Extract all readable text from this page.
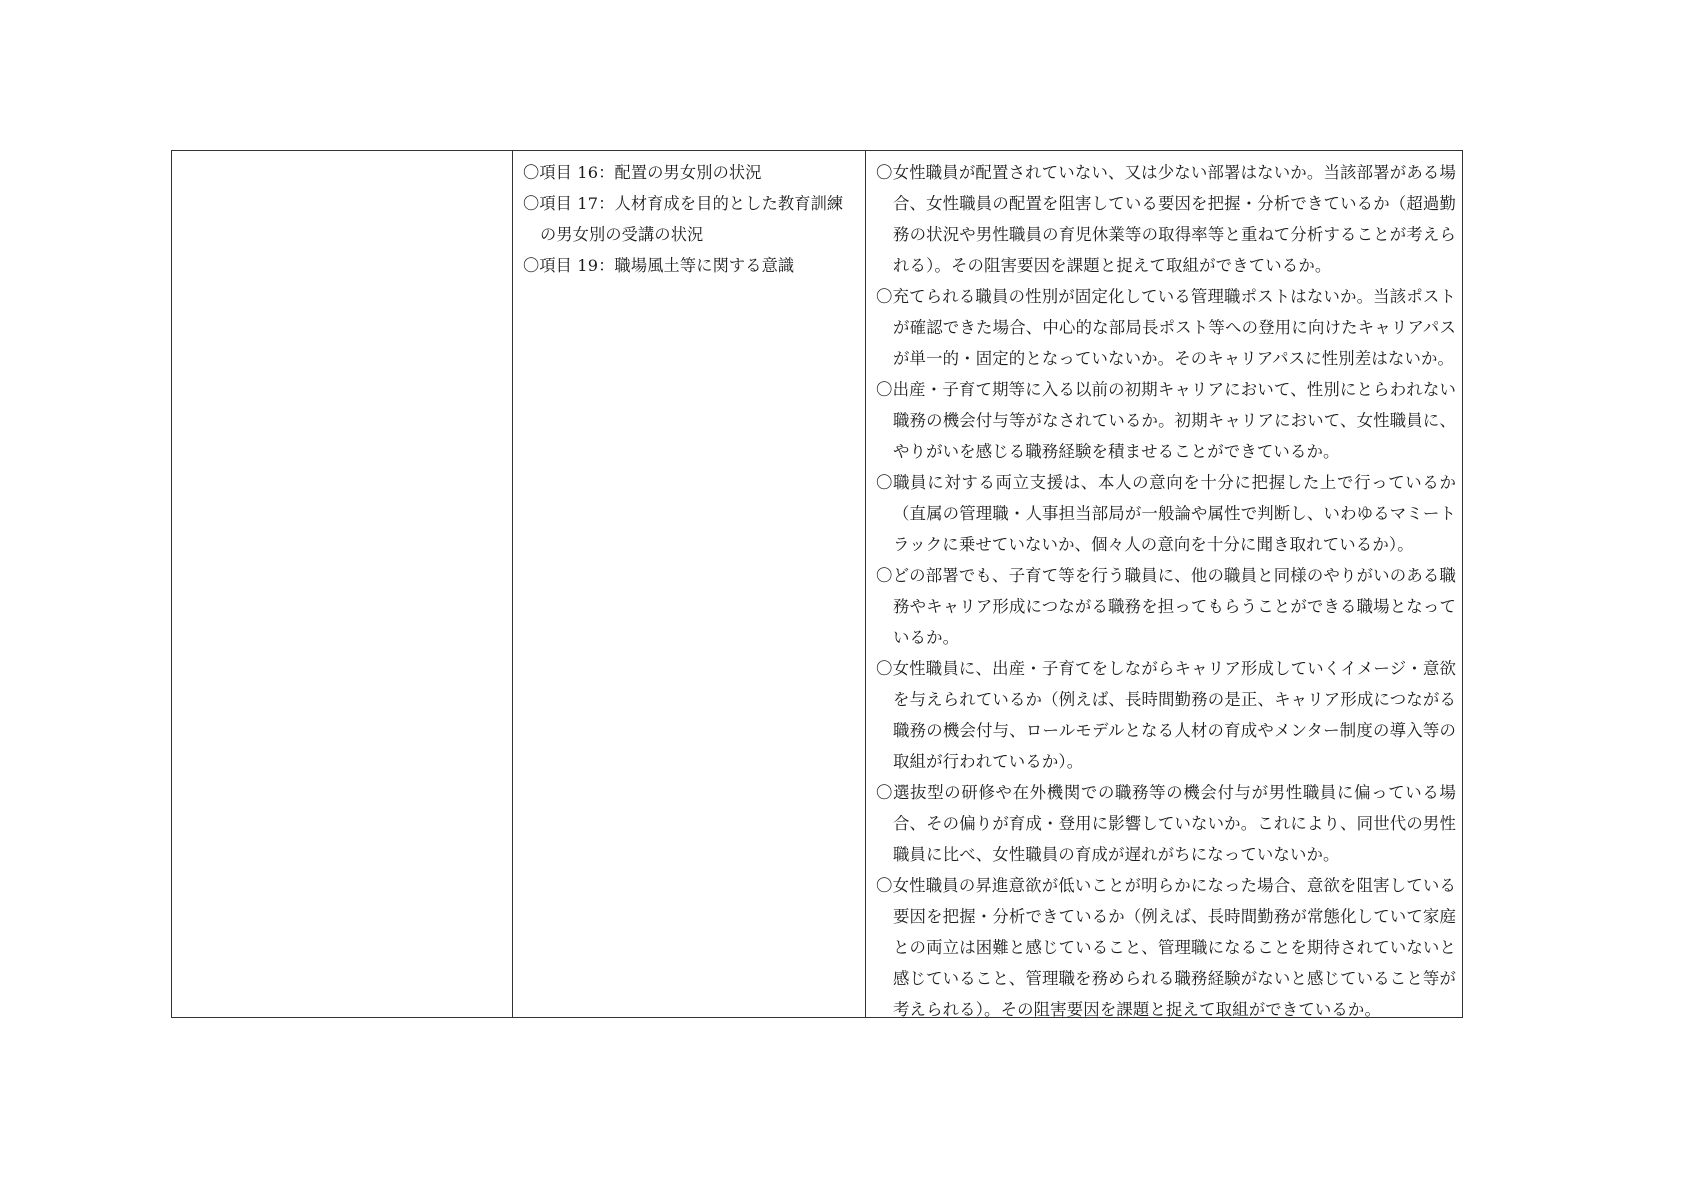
〇項目 16：配置の男女別の状況

〇項目 17：人材育成を目的とした教育訓練の男女別の受講の状況

〇項目 19：職場風土等に関する意識

〇女性職員が配置されていない、又は少ない部署はないか。当該部署がある場合、女性職員の配置を阻害している要因を把握・分析できているか（超過勤務の状況や男性職員の育児休業等の取得率等と重ねて分析することが考えられる）。その阻害要因を課題と捉えて取組ができているか。

〇充てられる職員の性別が固定化している管理職ポストはないか。当該ポストが確認できた場合、中心的な部局長ポスト等への登用に向けたキャリアパスが単一的・固定的となっていないか。そのキャリアパスに性別差はないか。

〇出産・子育て期等に入る以前の初期キャリアにおいて、性別にとらわれない職務の機会付与等がなされているか。初期キャリアにおいて、女性職員に、やりがいを感じる職務経験を積ませることができているか。

〇職員に対する両立支援は、本人の意向を十分に把握した上で行っているか（直属の管理職・人事担当部局が一般論や属性で判断し、いわゆるマミートラックに乗せていないか、個々人の意向を十分に聞き取れているか）。

〇どの部署でも、子育て等を行う職員に、他の職員と同様のやりがいのある職務やキャリア形成につながる職務を担ってもらうことができる職場となっているか。

〇女性職員に、出産・子育てをしながらキャリア形成していくイメージ・意欲を与えられているか（例えば、長時間勤務の是正、キャリア形成につながる職務の機会付与、ロールモデルとなる人材の育成やメンター制度の導入等の取組が行われているか）。

〇選抜型の研修や在外機関での職務等の機会付与が男性職員に偏っている場合、その偏りが育成・登用に影響していないか。これにより、同世代の男性職員に比べ、女性職員の育成が遅れがちになっていないか。

〇女性職員の昇進意欲が低いことが明らかになった場合、意欲を阻害している要因を把握・分析できているか（例えば、長時間勤務が常態化していて家庭との両立は困難と感じていること、管理職になることを期待されていないと感じていること、管理職を務められる職務経験がないと感じていること等が考えられる）。その阻害要因を課題と捉えて取組ができているか。
